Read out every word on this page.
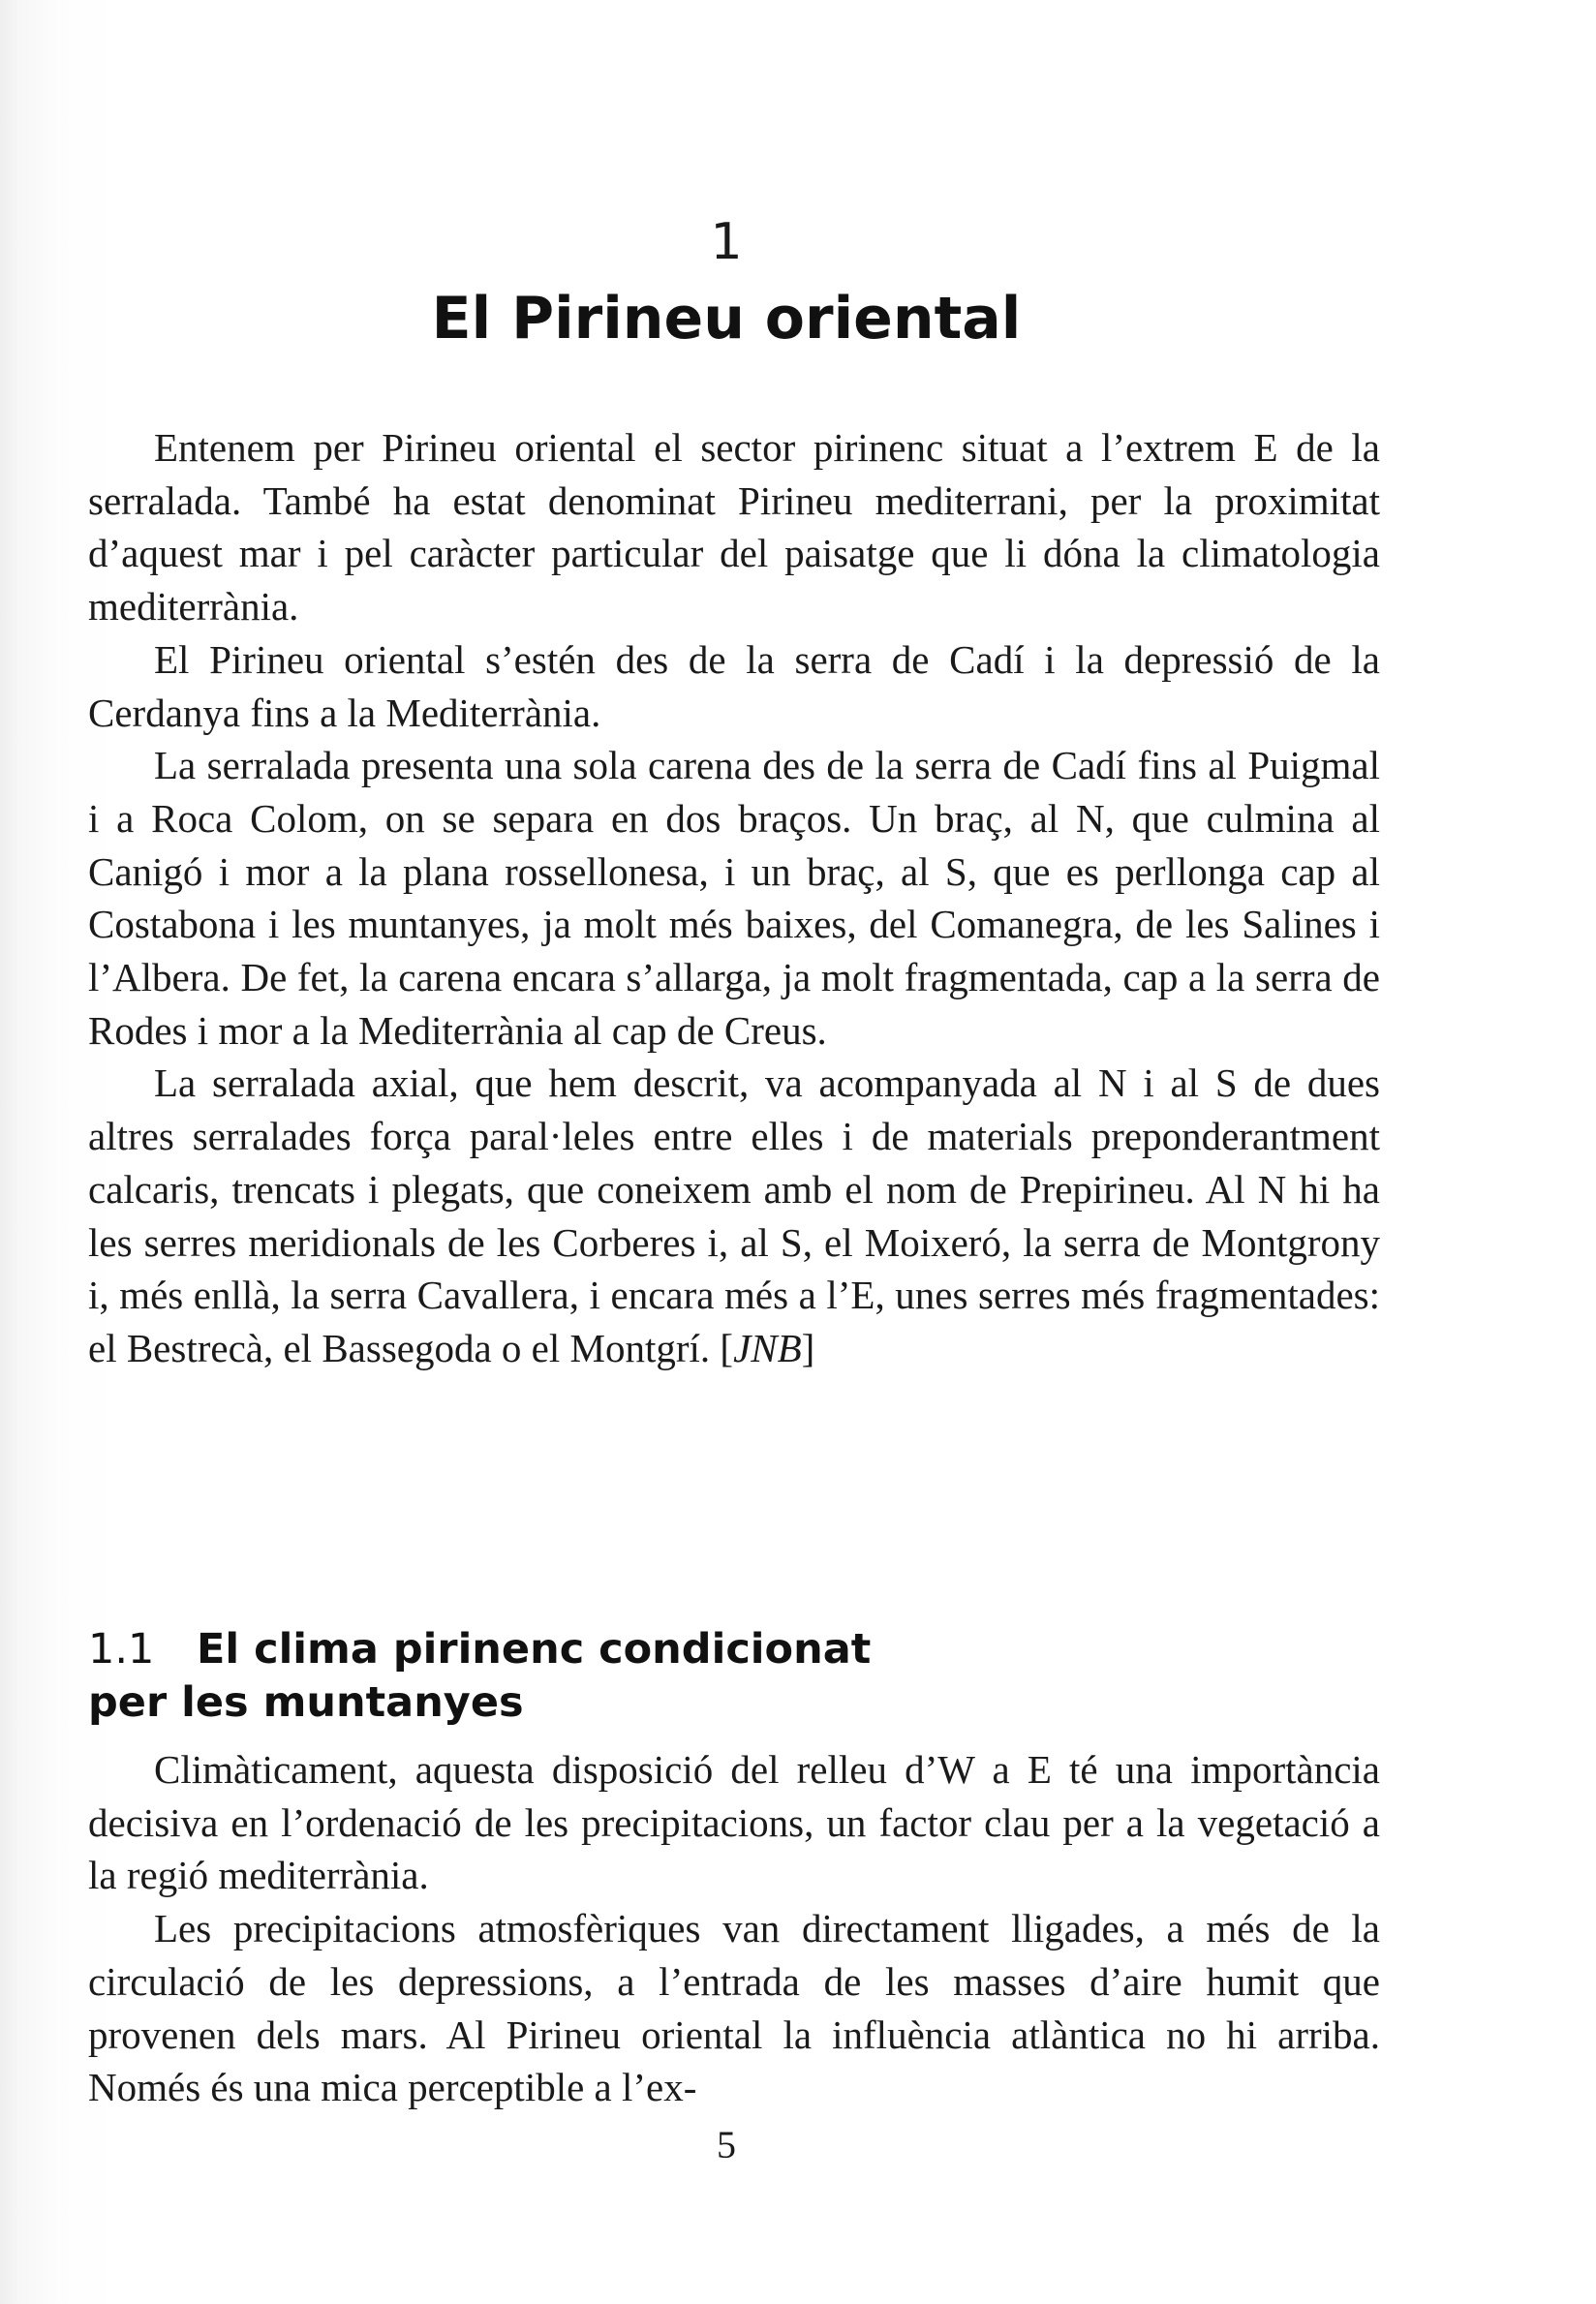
1
El Pirineu oriental

Entenem per Pirineu oriental el sector pirinenc situat a l’extrem E de la serralada. També ha estat denominat Pirineu mediterrani, per la proximitat d’aquest mar i pel caràcter particular del paisatge que li dóna la climatologia mediterrània.

El Pirineu oriental s’estén des de la serra de Cadí i la depressió de la Cerdanya fins a la Mediterrània.

La serralada presenta una sola carena des de la serra de Cadí fins al Puigmal i a Roca Colom, on se separa en dos braços. Un braç, al N, que culmina al Canigó i mor a la plana rossellonesa, i un braç, al S, que es perllonga cap al Costabona i les muntanyes, ja molt més baixes, del Comanegra, de les Salines i l’Albera. De fet, la carena encara s’allarga, ja molt fragmentada, cap a la serra de Rodes i mor a la Mediterrània al cap de Creus.

La serralada axial, que hem descrit, va acompanyada al N i al S de dues altres serralades força paral·leles entre elles i de materials preponderantment calcaris, trencats i plegats, que coneixem amb el nom de Prepirineu. Al N hi ha les serres meridionals de les Corberes i, al S, el Moixeró, la serra de Montgrony i, més enllà, la serra Cavallera, i encara més a l’E, unes serres més fragmentades: el Bestrecà, el Bassegoda o el Montgrí. [JNB]

1.1 El clima pirinenc condicionat
per les muntanyes

Climàticament, aquesta disposició del relleu d’W a E té una importància decisiva en l’ordenació de les precipitacions, un factor clau per a la vegetació a la regió mediterrània.

Les precipitacions atmosfèriques van directament lligades, a més de la circulació de les depressions, a l’entrada de les masses d’aire humit que provenen dels mars. Al Pirineu oriental la influència atlàntica no hi arriba. Només és una mica perceptible a l’ex-

5
